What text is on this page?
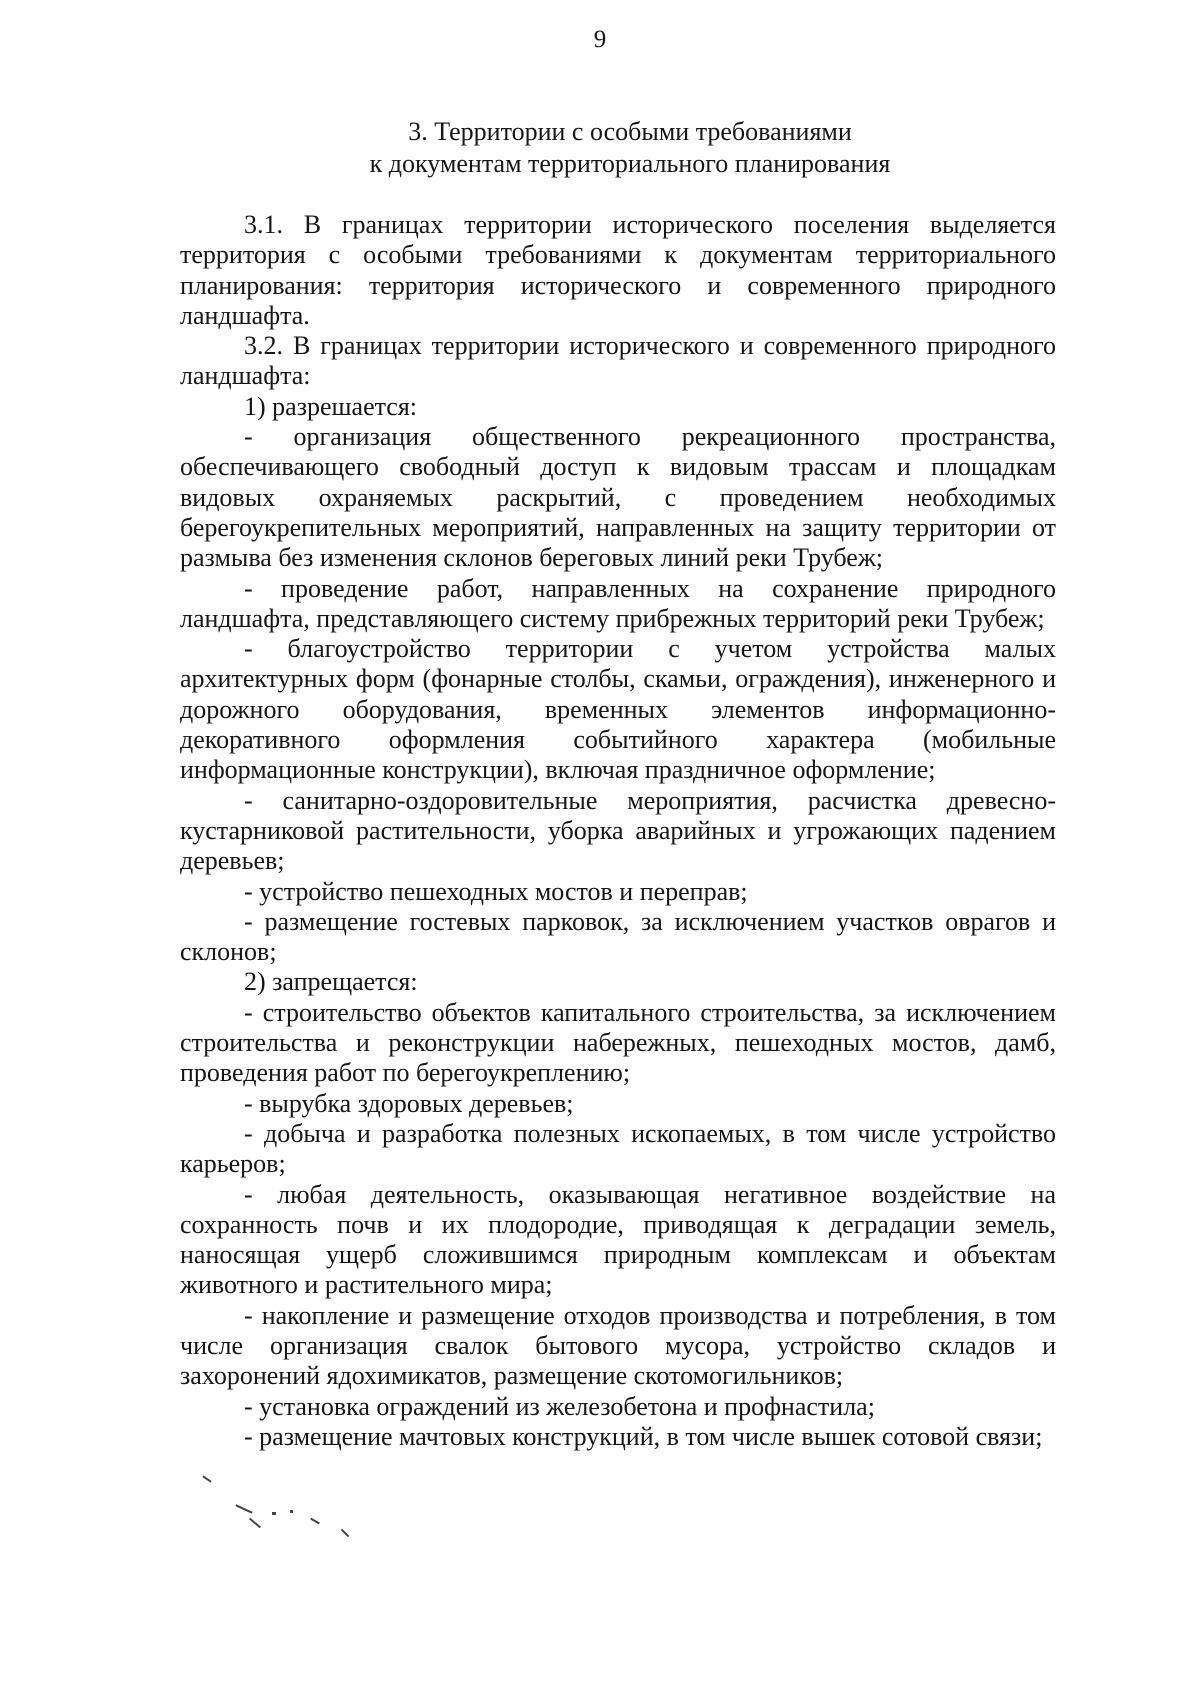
9
3. Территории с особыми требованиями
к документам территориального планирования

3.1. В границах территории исторического поселения выделяется территория с особыми требованиями к документам территориального планирования: территория исторического и современного природного ландшафта.

3.2. В границах территории исторического и современного природного ландшафта:

1) разрешается:

- организация общественного рекреационного пространства, обеспечивающего свободный доступ к видовым трассам и площадкам видовых охраняемых раскрытий, с проведением необходимых берегоукрепительных мероприятий, направленных на защиту территории от размыва без изменения склонов береговых линий реки Трубеж;

- проведение работ, направленных на сохранение природного ландшафта, представляющего систему прибрежных территорий реки Трубеж;

- благоустройство территории с учетом устройства малых архитектурных форм (фонарные столбы, скамьи, ограждения), инженерного и дорожного оборудования, временных элементов информационно-декоративного оформления событийного характера (мобильные информационные конструкции), включая праздничное оформление;

- санитарно-оздоровительные мероприятия, расчистка древесно-кустарниковой растительности, уборка аварийных и угрожающих падением деревьев;

- устройство пешеходных мостов и переправ;

- размещение гостевых парковок, за исключением участков оврагов и склонов;

2) запрещается:

- строительство объектов капитального строительства, за исключением строительства и реконструкции набережных, пешеходных мостов, дамб, проведения работ по берегоукреплению;

- вырубка здоровых деревьев;

- добыча и разработка полезных ископаемых, в том числе устройство карьеров;

- любая деятельность, оказывающая негативное воздействие на сохранность почв и их плодородие, приводящая к деградации земель, наносящая ущерб сложившимся природным комплексам и объектам животного и растительного мира;

- накопление и размещение отходов производства и потребления, в том числе организация свалок бытового мусора, устройство складов и захоронений ядохимикатов, размещение скотомогильников;

- установка ограждений из железобетона и профнастила;

- размещение мачтовых конструкций, в том числе вышек сотовой связи;
